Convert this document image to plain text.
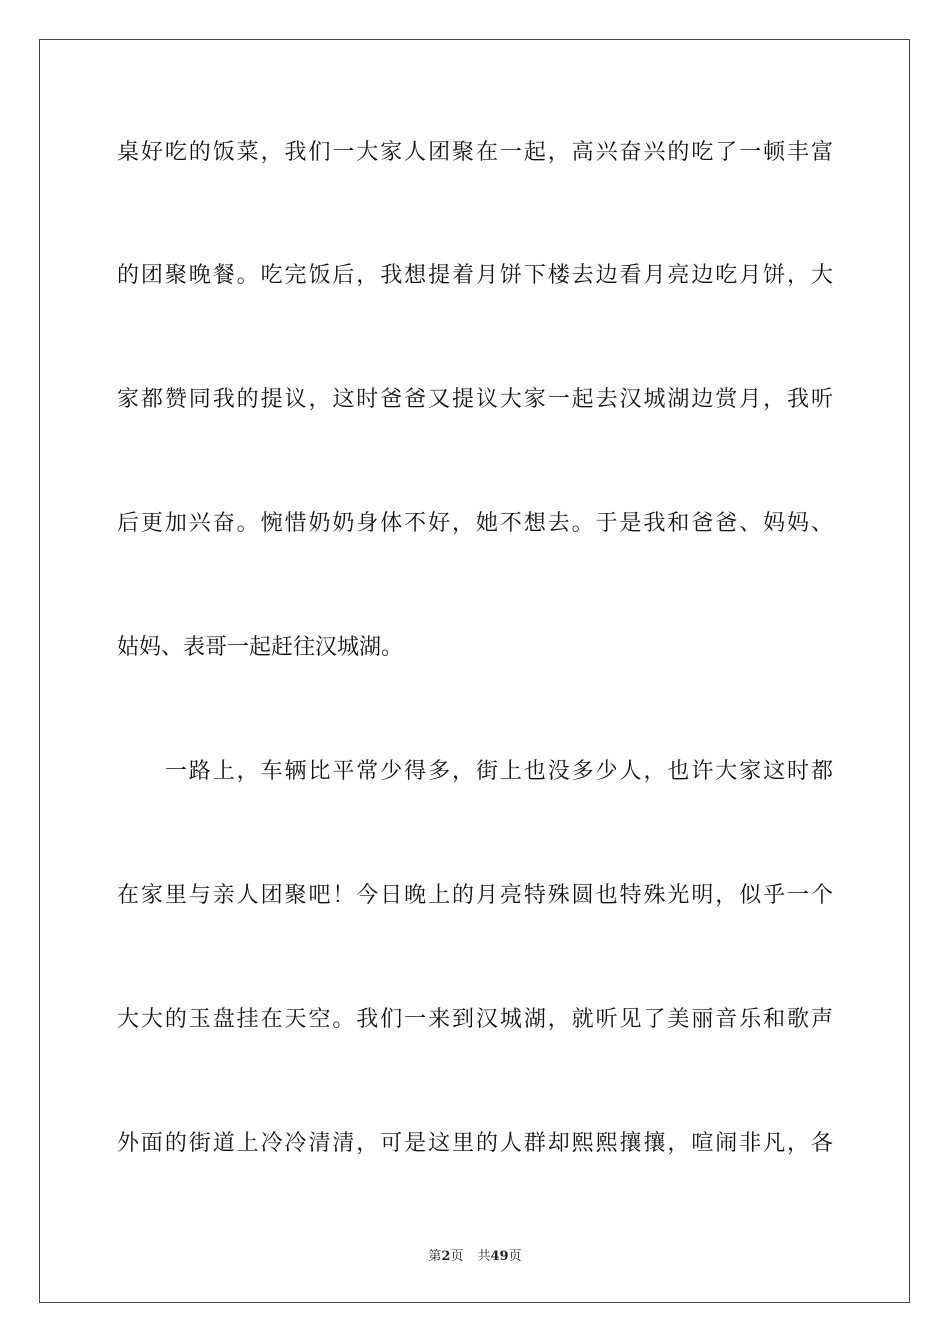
桌好吃的饭菜，我们一大家人团聚在一起，高兴奋兴的吃了一顿丰富
的团聚晚餐。吃完饭后，我想提着月饼下楼去边看月亮边吃月饼，大
家都赞同我的提议，这时爸爸又提议大家一起去汉城湖边赏月，我听
后更加兴奋。惋惜奶奶身体不好，她不想去。于是我和爸爸、妈妈、
姑妈、表哥一起赶往汉城湖。
　　一路上，车辆比平常少得多，街上也没多少人，也许大家这时都
在家里与亲人团聚吧！今日晚上的月亮特殊圆也特殊光明，似乎一个
大大的玉盘挂在天空。我们一来到汉城湖，就听见了美丽音乐和歌声
外面的街道上冷冷清清，可是这里的人群却熙熙攘攘，喧闹非凡，各
第2页 共49页
